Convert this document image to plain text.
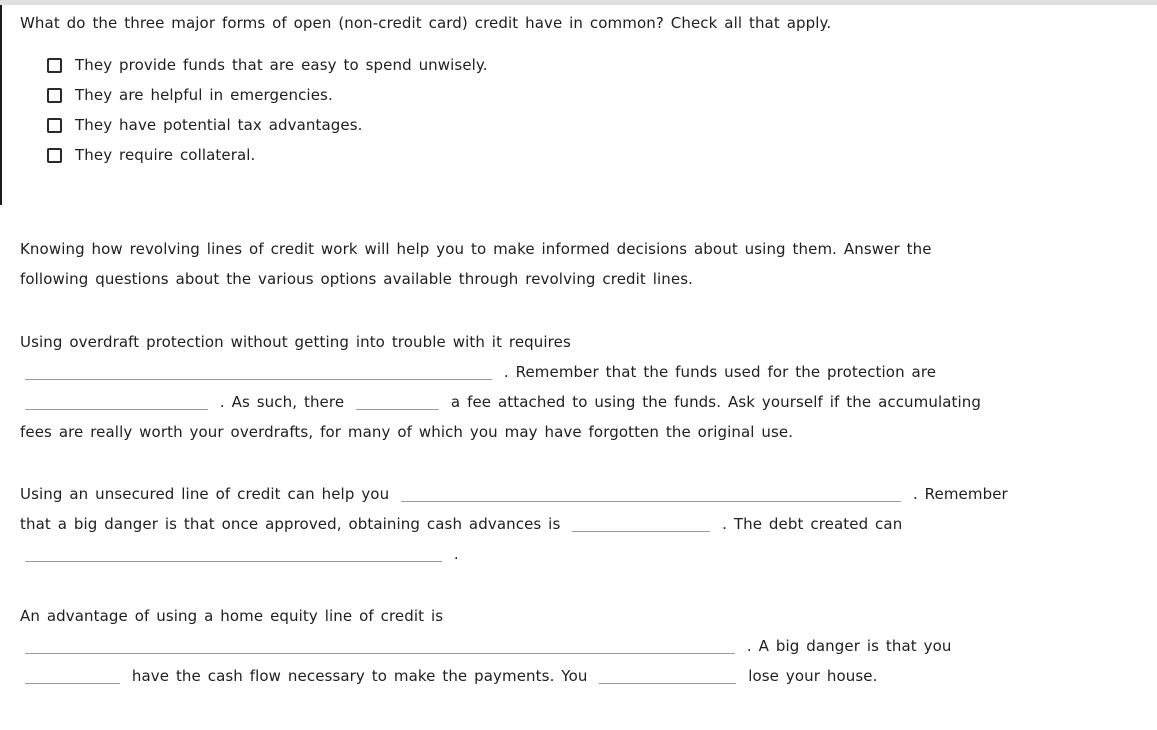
What do the three major forms of open (non-credit card) credit have in common? Check all that apply.
They provide funds that are easy to spend unwisely.
They are helpful in emergencies.
They have potential tax advantages.
They require collateral.
Knowing how revolving lines of credit work will help you to make informed decisions about using them. Answer the
following questions about the various options available through revolving credit lines.
Using overdraft protection without getting into trouble with it requires
. Remember that the funds used for the protection are
. As such, there	a fee attached to using the funds. Ask yourself if the accumulating
fees are really worth your overdrafts, for many of which you may have forgotten the original use.
Using an unsecured line of credit can help you	. Remember
that a big danger is that once approved, obtaining cash advances is	. The debt created can
.
An advantage of using a home equity line of credit is
. A big danger is that you
have the cash flow necessary to make the payments. You	lose your house.
